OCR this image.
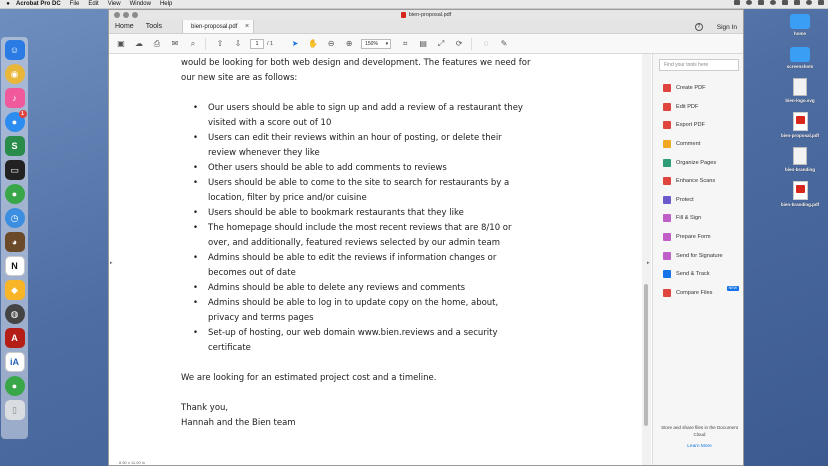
●	Acrobat Pro DC File Edit View Window Help
☺
◉
♪
●
1
S
▭
●
◷
◕
N
◆
◍
A
iA
●
▯
home
screenshots
bien-logo.svg
bien-proposal.pdf
bien-branding
bien-branding.pdf
bien-proposal.pdf
Home	Tools	bien-proposal.pdf ×	?	Sign In
▣ ☁	⎙	✉	⌕	⇧	⇩	1	/ 1	➤	✋	⊖	⊕	150% ▾	⌗	▤	⤢	⟳	◌	✎
▸

would be looking for both web design and development. The features we need for our new site are as follows:

• Our users should be able to sign up and add a review of a restaurant they visited with a score out of 10
• Users can edit their reviews within an hour of posting, or delete their review whenever they like
• Other users should be able to add comments to reviews
• Users should be able to come to the site to search for restaurants by a location, filter by price and/or cuisine
• Users should be able to bookmark restaurants that they like
• The homepage should include the most recent reviews that are 8/10 or over, and additionally, featured reviews selected by our admin team
• Admins should be able to edit the reviews if information changes or becomes out of date
• Admins should be able to delete any reviews and comments
• Admins should be able to log in to update copy on the home, about, privacy and terms pages
• Set-up of hosting, our web domain www.bien.reviews and a security certificate

We are looking for an estimated project cost and a timeline.

Thank you,

Hannah and the Bien team

8.50 x 11.00 in
▸
Find your tools here
Create PDF
Edit PDF
Export PDF
Comment
Organize Pages
Enhance Scans
Protect
Fill & Sign
Prepare Form
Send for Signature
Send & Track
Compare Files
NEW
Store and share files in the Document Cloud
Learn More
